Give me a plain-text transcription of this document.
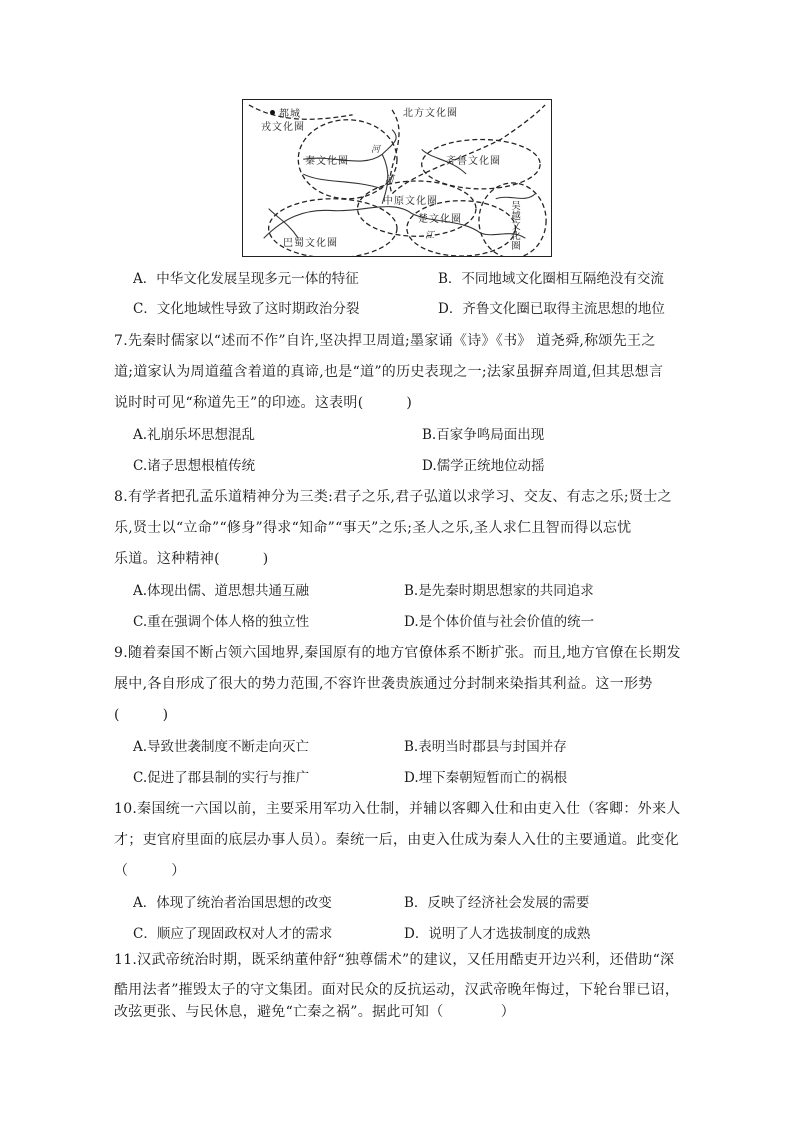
都城
戎文化圈
北方文化圈
秦文化圈	齐鲁文化圈
中原文化圈
楚文化圈
巴蜀文化圈
吴越文化圈
河
河
江
A．中华文化发展呈现多元一体的特征	B．不同地域文化圈相互隔绝没有交流
C．文化地域性导致了这时期政治分裂	D．齐鲁文化圈已取得主流思想的地位
7.先秦时儒家以“述而不作”自许,坚决捍卫周道;墨家诵《诗》《书》 道尧舜,称颂先王之
道;道家认为周道蕴含着道的真谛,也是“道”的历史表现之一;法家虽摒弃周道,但其思想言
说时时可见“称道先王”的印迹。这表明(　　　)
A.礼崩乐坏思想混乱	B.百家争鸣局面出现
C.诸子思想根植传统	D.儒学正统地位动摇
8.有学者把孔孟乐道精神分为三类:君子之乐,君子弘道以求学习、交友、有志之乐;贤士之
乐,贤士以“立命”“修身”得求“知命”“事天”之乐;圣人之乐,圣人求仁且智而得以忘忧
乐道。这种精神(　　　)
A.体现出儒、道思想共通互融	B.是先秦时期思想家的共同追求
C.重在强调个体人格的独立性	D.是个体价值与社会价值的统一
9.随着秦国不断占领六国地界,秦国原有的地方官僚体系不断扩张。而且,地方官僚在长期发
展中,各自形成了很大的势力范围,不容许世袭贵族通过分封制来染指其利益。这一形势
(　　　)
A.导致世袭制度不断走向灭亡	B.表明当时郡县与封国并存
C.促进了郡县制的实行与推广	D.埋下秦朝短暂而亡的祸根
10.秦国统一六国以前，主要采用军功入仕制，并辅以客卿入仕和由吏入仕（客卿：外来人
才；吏官府里面的底层办事人员）。秦统一后，由吏入仕成为秦人入仕的主要通道。此变化
（　　　）
A．体现了统治者治国思想的改变	B．反映了经济社会发展的需要
C．顺应了现固政权对人才的需求	D．说明了人才选拔制度的成熟
11.汉武帝统治时期，既采纳董仲舒“独尊儒术”的建议，又任用酷吏开边兴利，还借助“深
酷用法者”摧毁太子的守文集团。面对民众的反抗运动，汉武帝晚年悔过，下轮台罪已诏，
改弦更张、与民休息，避免“亡秦之祸”。据此可知（　　　　）
